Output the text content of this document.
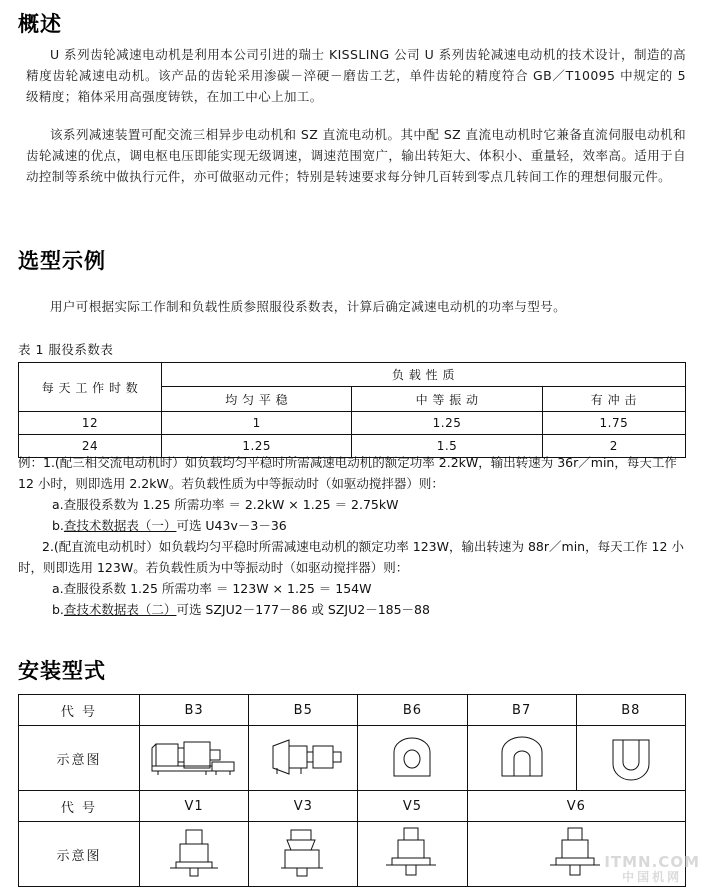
概述
U 系列齿轮减速电动机是利用本公司引进的瑞士 KISSLING 公司 U 系列齿轮减速电动机的技术设计，制造的高精度齿轮减速电动机。该产品的齿轮采用渗碳－淬硬－磨齿工艺，单件齿轮的精度符合 GB／T10095 中规定的 5 级精度；箱体采用高强度铸铁，在加工中心上加工。
该系列减速装置可配交流三相异步电动机和 SZ 直流电动机。其中配 SZ 直流电动机时它兼备直流伺服电动机和齿轮减速的优点，调电枢电压即能实现无级调速，调速范围宽广，输出转矩大、体积小、重量轻，效率高。适用于自动控制等系统中做执行元件，亦可做驱动元件；特别是转速要求每分钟几百转到零点几转间工作的理想伺服元件。
选型示例
用户可根据实际工作制和负载性质参照服役系数表，计算后确定减速电动机的功率与型号。
表 1 服役系数表
每 天 工 作 时 数	负 载 性 质		
	均 匀 平 稳	中 等 振 动	有 冲 击
12	1	1.25	1.75
24	1.25	1.5	2
例：1.(配三相交流电动机时）如负载均匀平稳时所需减速电动机的额定功率 2.2kW，输出转速为 36r／min，每天工作 12 小时，则即选用 2.2kW。若负载性质为中等振动时（如驱动搅拌器）则：
a.查服役系数为 1.25 所需功率 ＝ 2.2kW × 1.25 ＝ 2.75kW
b.查技术数据表（一）可选 U43v－3－36
2.(配直流电动机时）如负载均匀平稳时所需减速电动机的额定功率 123W，输出转速为 88r／min，每天工作 12 小时，则即选用 123W。若负载性质为中等振动时（如驱动搅拌器）则：
a.查服役系数 1.25 所需功率 ＝ 123W × 1.25 ＝ 154W
b.查技术数据表（二）可选 SZJU2－177－86 或 SZJU2－185－88
安装型式
代 号	B3	B5	B6	B7	B8
示意图	

代 号	V1	V3	V5	V6	
示意图	

		ITMN.COM
中国机网
